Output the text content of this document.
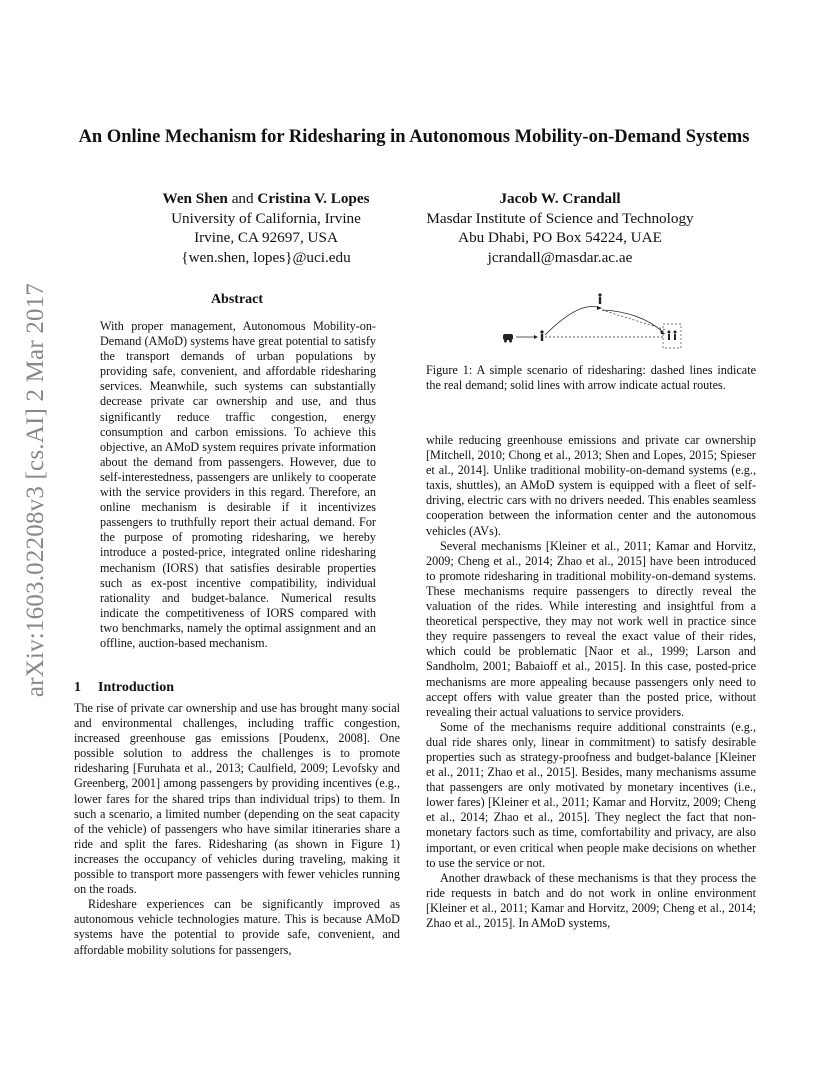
arXiv:1603.02208v3 [cs.AI] 2 Mar 2017
An Online Mechanism for Ridesharing in Autonomous Mobility-on-Demand Systems
Wen Shen and Cristina V. Lopes
University of California, Irvine
Irvine, CA 92697, USA
{wen.shen, lopes}@uci.edu
Jacob W. Crandall
Masdar Institute of Science and Technology
Abu Dhabi, PO Box 54224, UAE
jcrandall@masdar.ac.ae
Abstract

With proper management, Autonomous Mobility-on-Demand (AMoD) systems have great potential to satisfy the transport demands of urban populations by providing safe, convenient, and affordable ridesharing services. Meanwhile, such systems can substantially decrease private car ownership and use, and thus significantly reduce traffic congestion, energy consumption and carbon emissions. To achieve this objective, an AMoD system requires private information about the demand from passengers. However, due to self-interestedness, passengers are unlikely to cooperate with the service providers in this regard. Therefore, an online mechanism is desirable if it incentivizes passengers to truthfully report their actual demand. For the purpose of promoting ridesharing, we hereby introduce a posted-price, integrated online ridesharing mechanism (IORS) that satisfies desirable properties such as ex-post incentive compatibility, individual rationality and budget-balance. Numerical results indicate the competitiveness of IORS compared with two benchmarks, namely the optimal assignment and an offline, auction-based mechanism.

1 Introduction

The rise of private car ownership and use has brought many social and environmental challenges, including traffic congestion, increased greenhouse gas emissions [Poudenx, 2008]. One possible solution to address the challenges is to promote ridesharing [Furuhata et al., 2013; Caulfield, 2009; Levofsky and Greenberg, 2001] among passengers by providing incentives (e.g., lower fares for the shared trips than individual trips) to them. In such a scenario, a limited number (depending on the seat capacity of the vehicle) of passengers who have similar itineraries share a ride and split the fares. Ridesharing (as shown in Figure 1) increases the occupancy of vehicles during traveling, making it possible to transport more passengers with fewer vehicles running on the roads.

Rideshare experiences can be significantly improved as autonomous vehicle technologies mature. This is because AMoD systems have the potential to provide safe, convenient, and affordable mobility solutions for passengers,

Figure 1: A simple scenario of ridesharing: dashed lines indicate the real demand; solid lines with arrow indicate actual routes.

while reducing greenhouse emissions and private car ownership [Mitchell, 2010; Chong et al., 2013; Shen and Lopes, 2015; Spieser et al., 2014]. Unlike traditional mobility-on-demand systems (e.g., taxis, shuttles), an AMoD system is equipped with a fleet of self-driving, electric cars with no drivers needed. This enables seamless cooperation between the information center and the autonomous vehicles (AVs).

Several mechanisms [Kleiner et al., 2011; Kamar and Horvitz, 2009; Cheng et al., 2014; Zhao et al., 2015] have been introduced to promote ridesharing in traditional mobility-on-demand systems. These mechanisms require passengers to directly reveal the valuation of the rides. While interesting and insightful from a theoretical perspective, they may not work well in practice since they require passengers to reveal the exact value of their rides, which could be problematic [Naor et al., 1999; Larson and Sandholm, 2001; Babaioff et al., 2015]. In this case, posted-price mechanisms are more appealing because passengers only need to accept offers with value greater than the posted price, without revealing their actual valuations to service providers.

Some of the mechanisms require additional constraints (e.g., dual ride shares only, linear in commitment) to satisfy desirable properties such as strategy-proofness and budget-balance [Kleiner et al., 2011; Zhao et al., 2015]. Besides, many mechanisms assume that passengers are only motivated by monetary incentives (i.e., lower fares) [Kleiner et al., 2011; Kamar and Horvitz, 2009; Cheng et al., 2014; Zhao et al., 2015]. They neglect the fact that non-monetary factors such as time, comfortability and privacy, are also important, or even critical when people make decisions on whether to use the service or not.

Another drawback of these mechanisms is that they process the ride requests in batch and do not work in online environment [Kleiner et al., 2011; Kamar and Horvitz, 2009; Cheng et al., 2014; Zhao et al., 2015]. In AMoD systems,
